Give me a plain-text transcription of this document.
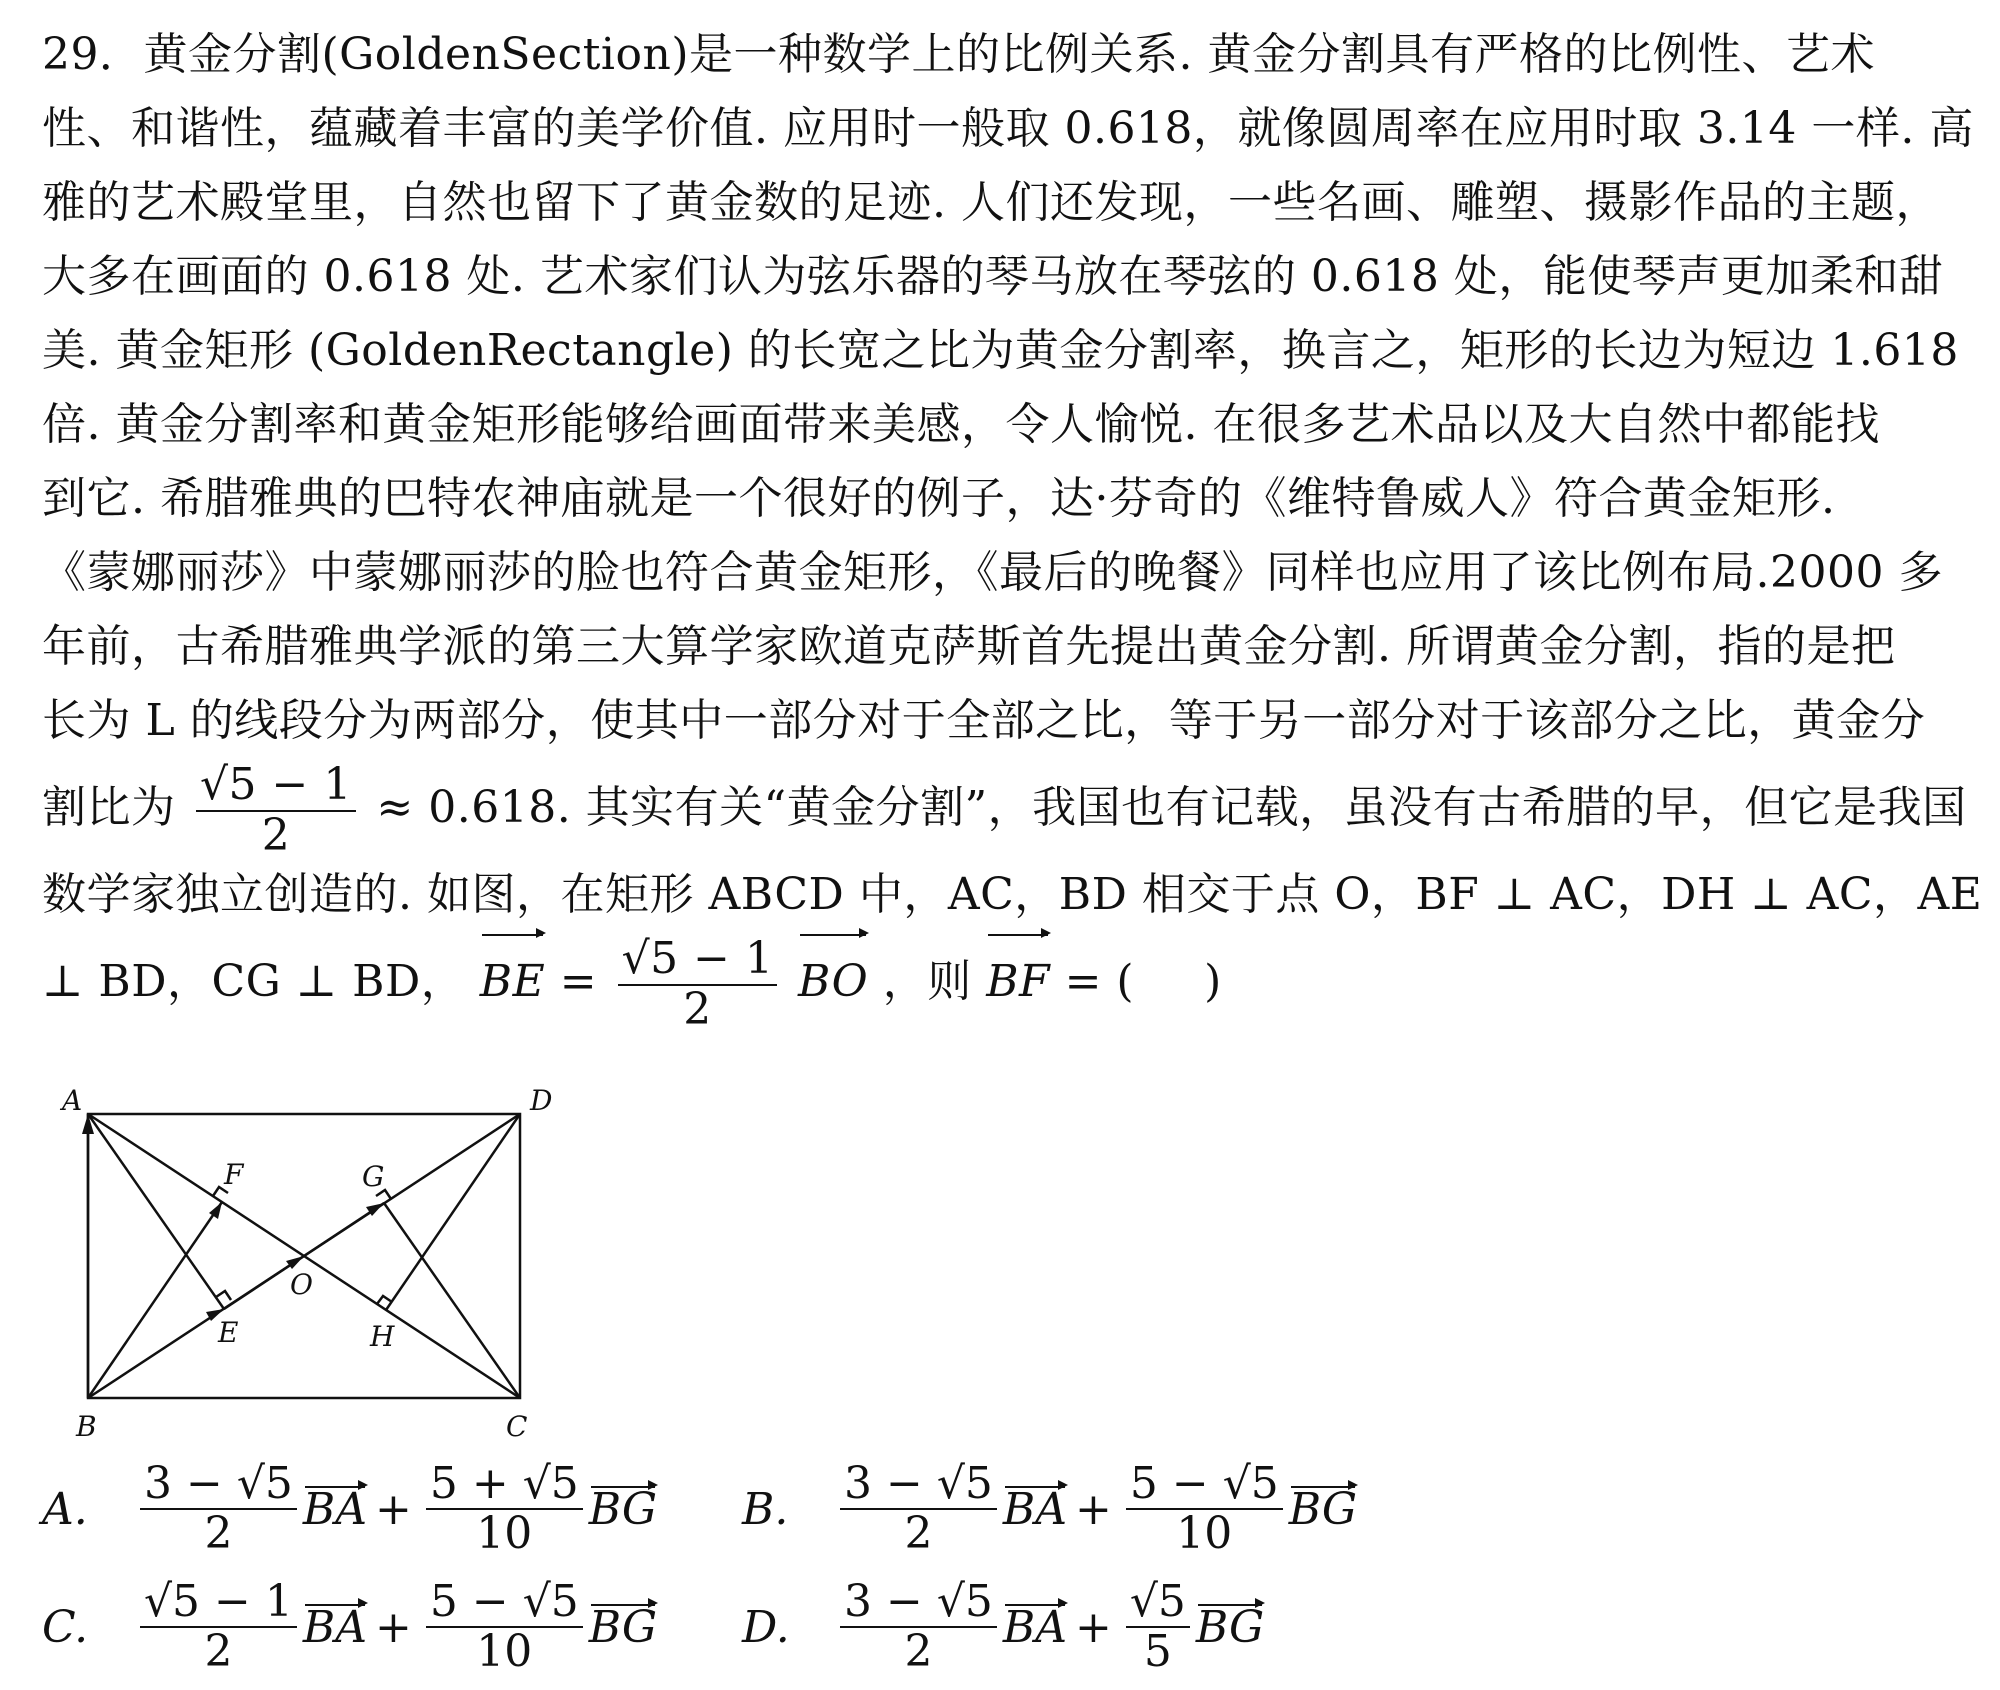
29．黄金分割(GoldenSection)是一种数学上的比例关系. 黄金分割具有严格的比例性、艺术
性、和谐性，蕴藏着丰富的美学价值. 应用时一般取 0.618，就像圆周率在应用时取 3.14 一样. 高
雅的艺术殿堂里，自然也留下了黄金数的足迹. 人们还发现，一些名画、雕塑、摄影作品的主题，
大多在画面的 0.618 处. 艺术家们认为弦乐器的琴马放在琴弦的 0.618 处，能使琴声更加柔和甜
美. 黄金矩形 (GoldenRectangle) 的长宽之比为黄金分割率，换言之，矩形的长边为短边 1.618
倍. 黄金分割率和黄金矩形能够给画面带来美感，令人愉悦. 在很多艺术品以及大自然中都能找
到它. 希腊雅典的巴特农神庙就是一个很好的例子，达·芬奇的《维特鲁威人》符合黄金矩形.
《蒙娜丽莎》中蒙娜丽莎的脸也符合黄金矩形，《最后的晚餐》同样也应用了该比例布局.2000 多
年前，古希腊雅典学派的第三大算学家欧道克萨斯首先提出黄金分割. 所谓黄金分割，指的是把
长为 L 的线段分为两部分，使其中一部分对于全部之比，等于另一部分对于该部分之比，黄金分
割比为 $\frac{√5 - 1}{2} \approx 0.618$. 其实有关“黄金分割”，我国也有记载，虽没有古希腊的早，但它是我国
数学家独立创造的. 如图，在矩形 ABCD 中，AC，BD 相交于点 O，BF ⊥ AC，DH ⊥ AC，AE
⊥ BD，CG ⊥ BD， BE = $\frac{√5 - 1}{2}$ BO ，则 BF = ( )
A	D
B	C
F	G
O
E	H
A.	$\frac{3 - √5}{2}$ BA + $\frac{5 + √5}{10}$ BG B.	$\frac{3 - √5}{2}$ BA + $\frac{5 - √5}{10}$ BG
C.	$\frac{√5 - 1}{2}$ BA + $\frac{5 - √5}{10}$ BG D.	$\frac{3 - √5}{2}$ BA + $\frac{√5}{5}$ BG
